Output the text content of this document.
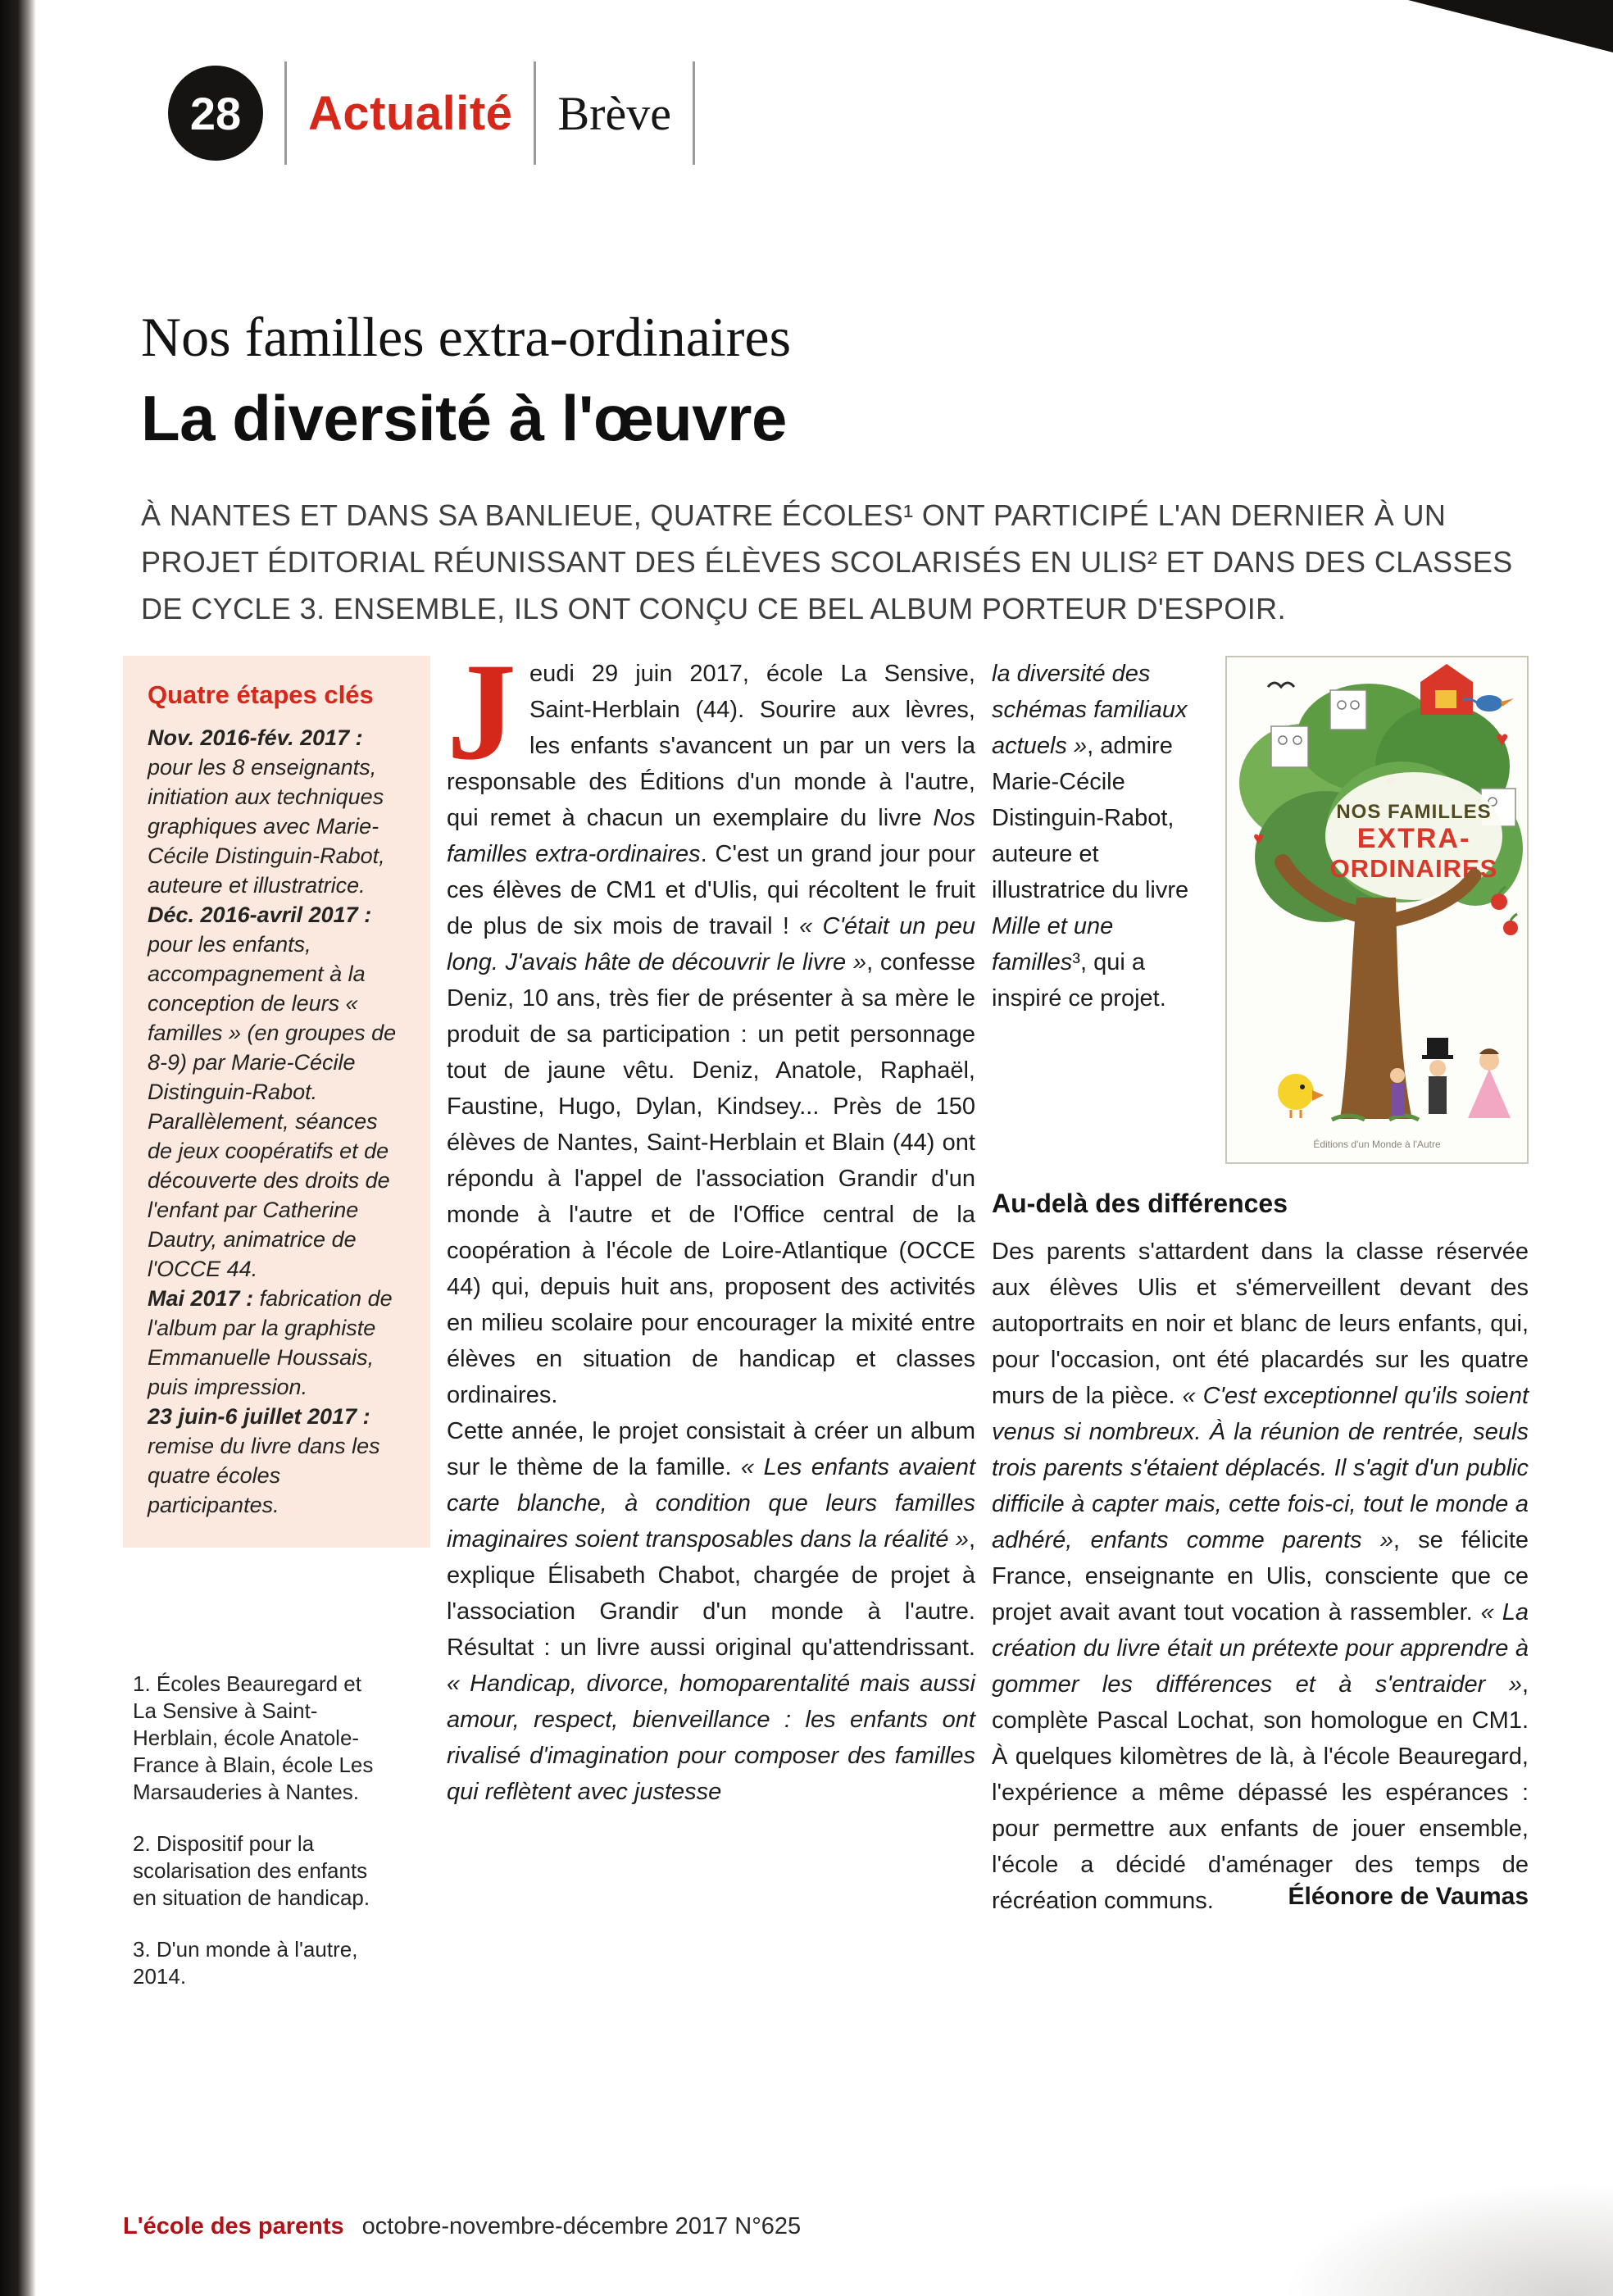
28 Actualité Brève
Nos familles extra-ordinaires
La diversité à l'œuvre

À NANTES ET DANS SA BANLIEUE, QUATRE ÉCOLES¹ ONT PARTICIPÉ L'AN DERNIER À UN PROJET ÉDITORIAL RÉUNISSANT DES ÉLÈVES SCOLARISÉS EN ULIS² ET DANS DES CLASSES DE CYCLE 3. ENSEMBLE, ILS ONT CONÇU CE BEL ALBUM PORTEUR D'ESPOIR.

Quatre étapes clés

Nov. 2016-fév. 2017 : pour les 8 enseignants, initiation aux techniques graphiques avec Marie-Cécile Distinguin-Rabot, auteure et illustratrice.

Déc. 2016-avril 2017 : pour les enfants, accompagnement à la conception de leurs « familles » (en groupes de 8-9) par Marie-Cécile Distinguin-Rabot. Parallèlement, séances de jeux coopératifs et de découverte des droits de l'enfant par Catherine Dautry, animatrice de l'OCCE 44.

Mai 2017 : fabrication de l'album par la graphiste Emmanuelle Houssais, puis impression.

23 juin-6 juillet 2017 : remise du livre dans les quatre écoles participantes.

1. Écoles Beauregard et La Sensive à Saint-Herblain, école Anatole-France à Blain, école Les Marsauderies à Nantes.

2. Dispositif pour la scolarisation des enfants en situation de handicap.

3. D'un monde à l'autre, 2014.

Jeudi 29 juin 2017, école La Sensive, Saint-Herblain (44). Sourire aux lèvres, les enfants s'avancent un par un vers la responsable des Éditions d'un monde à l'autre, qui remet à chacun un exemplaire du livre Nos familles extra-ordinaires. C'est un grand jour pour ces élèves de CM1 et d'Ulis, qui récoltent le fruit de plus de six mois de travail ! « C'était un peu long. J'avais hâte de découvrir le livre », confesse Deniz, 10 ans, très fier de présenter à sa mère le produit de sa participation : un petit personnage tout de jaune vêtu. Deniz, Anatole, Raphaël, Faustine, Hugo, Dylan, Kindsey... Près de 150 élèves de Nantes, Saint-Herblain et Blain (44) ont répondu à l'appel de l'association Grandir d'un monde à l'autre et de l'Office central de la coopération à l'école de Loire-Atlantique (OCCE 44) qui, depuis huit ans, proposent des activités en milieu scolaire pour encourager la mixité entre élèves en situation de handicap et classes ordinaires.

Cette année, le projet consistait à créer un album sur le thème de la famille. « Les enfants avaient carte blanche, à condition que leurs familles imaginaires soient transposables dans la réalité », explique Élisabeth Chabot, chargée de projet à l'association Grandir d'un monde à l'autre. Résultat : un livre aussi original qu'attendrissant. « Handicap, divorce, homoparentalité mais aussi amour, respect, bienveillance : les enfants ont rivalisé d'imagination pour composer des familles qui reflètent avec justesse

la diversité des schémas familiaux actuels », admire Marie-Cécile Distinguin-Rabot, auteure et illustratrice du livre Mille et une familles³, qui a inspiré ce projet.

♥
♥
NOS FAMILLES
EXTRA-
ORDINAIRES
Éditions d'un Monde à l'Autre
Au-delà des différences

Des parents s'attardent dans la classe réservée aux élèves Ulis et s'émerveillent devant des autoportraits en noir et blanc de leurs enfants, qui, pour l'occasion, ont été placardés sur les quatre murs de la pièce. « C'est exceptionnel qu'ils soient venus si nombreux. À la réunion de rentrée, seuls trois parents s'étaient déplacés. Il s'agit d'un public difficile à capter mais, cette fois-ci, tout le monde a adhéré, enfants comme parents », se félicite France, enseignante en Ulis, consciente que ce projet avait avant tout vocation à rassembler. « La création du livre était un prétexte pour apprendre à gommer les différences et à s'entraider », complète Pascal Lochat, son homologue en CM1. À quelques kilomètres de là, à l'école Beauregard, l'expérience a même dépassé les espérances : pour permettre aux enfants de jouer ensemble, l'école a décidé d'aménager des temps de récréation communs.	Éléonore de Vaumas
L'école des parents octobre-novembre-décembre 2017 N°625
